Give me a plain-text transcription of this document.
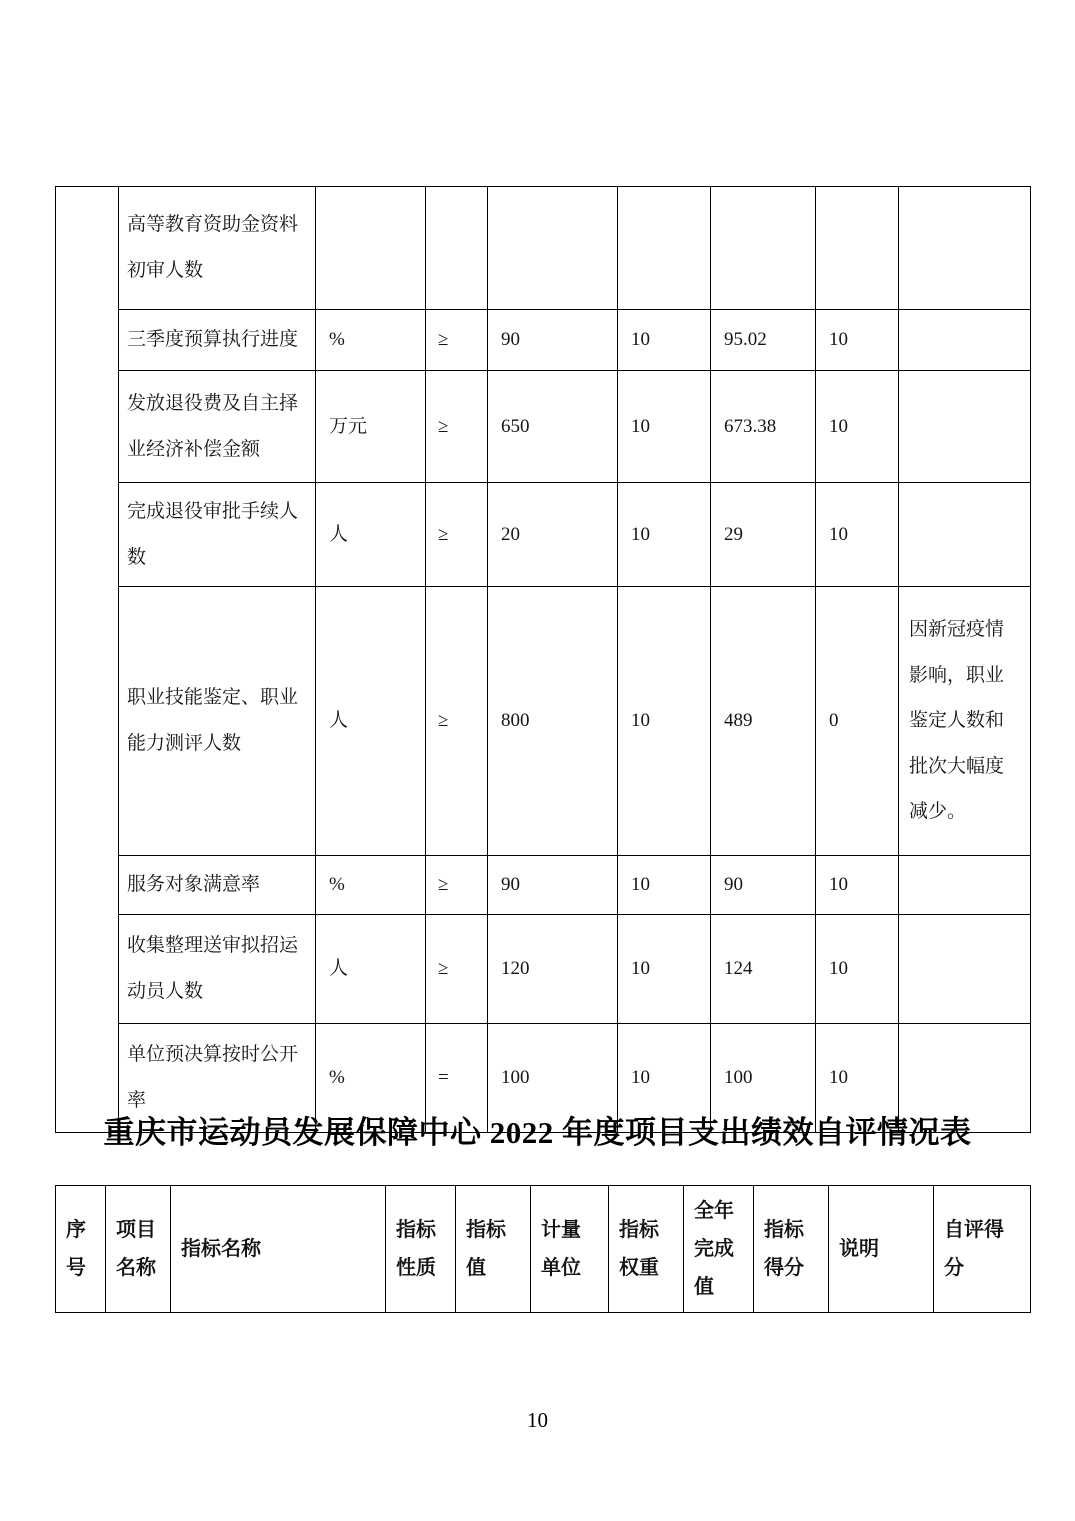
	高等教育资助金资料初审人数							
	三季度预算执行进度	%	≥	90	10	95.02	10	
	发放退役费及自主择业经济补偿金额	万元	≥	650	10	673.38	10	
	完成退役审批手续人数	人	≥	20	10	29	10	
	职业技能鉴定、职业能力测评人数	人	≥	800	10	489	0	因新冠疫情影响，职业鉴定人数和批次大幅度减少。
	服务对象满意率	%	≥	90	10	90	10	
	收集整理送审拟招运动员人数	人	≥	120	10	124	10	
	单位预决算按时公开率	%	=	100	10	100	10	
重庆市运动员发展保障中心 2022 年度项目支出绩效自评情况表
序号	项目名称	指标名称	指标性质	指标值	计量单位	指标权重	全年完成值	指标得分	说明	自评得分
10
